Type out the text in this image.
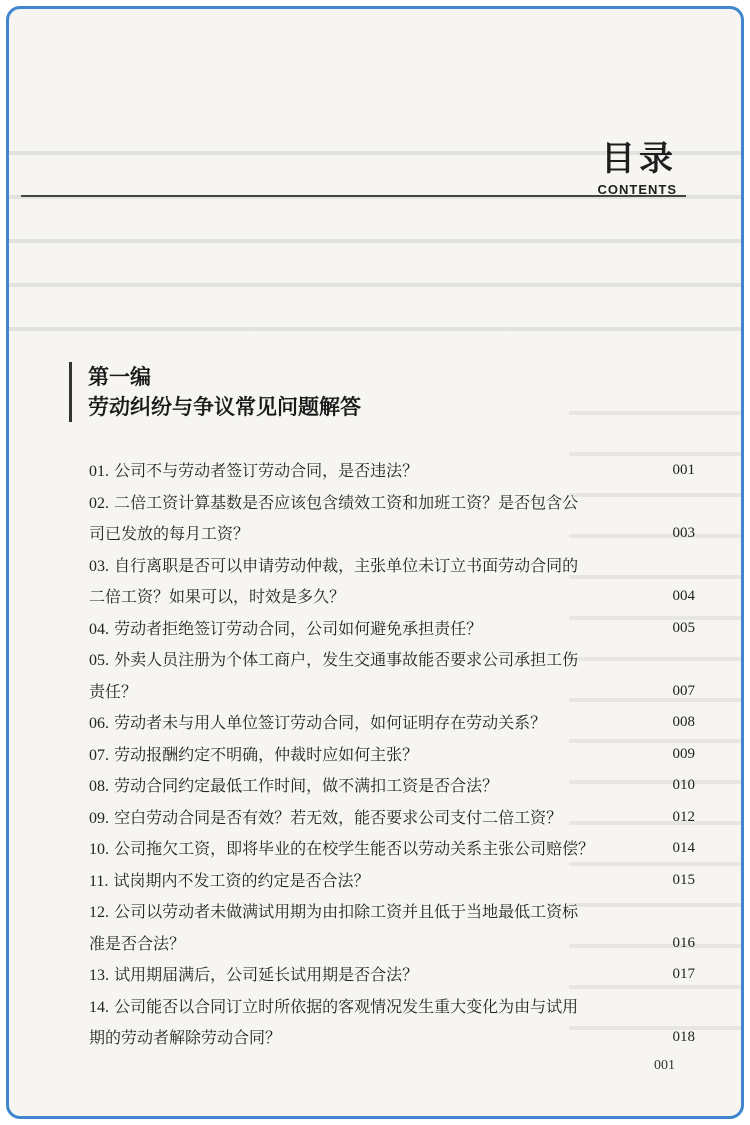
目录
CONTENTS
第一编
劳动纠纷与争议常见问题解答
01. 公司不与劳动者签订劳动合同，是否违法？	001
02. 二倍工资计算基数是否应该包含绩效工资和加班工资？是否包含公
司已发放的每月工资？	003
03. 自行离职是否可以申请劳动仲裁，主张单位未订立书面劳动合同的
二倍工资？如果可以，时效是多久？	004
04. 劳动者拒绝签订劳动合同，公司如何避免承担责任？	005
05. 外卖人员注册为个体工商户，发生交通事故能否要求公司承担工伤
责任？	007
06. 劳动者未与用人单位签订劳动合同，如何证明存在劳动关系？	008
07. 劳动报酬约定不明确，仲裁时应如何主张？	009
08. 劳动合同约定最低工作时间，做不满扣工资是否合法？	010
09. 空白劳动合同是否有效？若无效，能否要求公司支付二倍工资？	012
10. 公司拖欠工资，即将毕业的在校学生能否以劳动关系主张公司赔偿？	014
11. 试岗期内不发工资的约定是否合法？	015
12. 公司以劳动者未做满试用期为由扣除工资并且低于当地最低工资标
准是否合法？	016
13. 试用期届满后，公司延长试用期是否合法？	017
14. 公司能否以合同订立时所依据的客观情况发生重大变化为由与试用
期的劳动者解除劳动合同？	018
001
